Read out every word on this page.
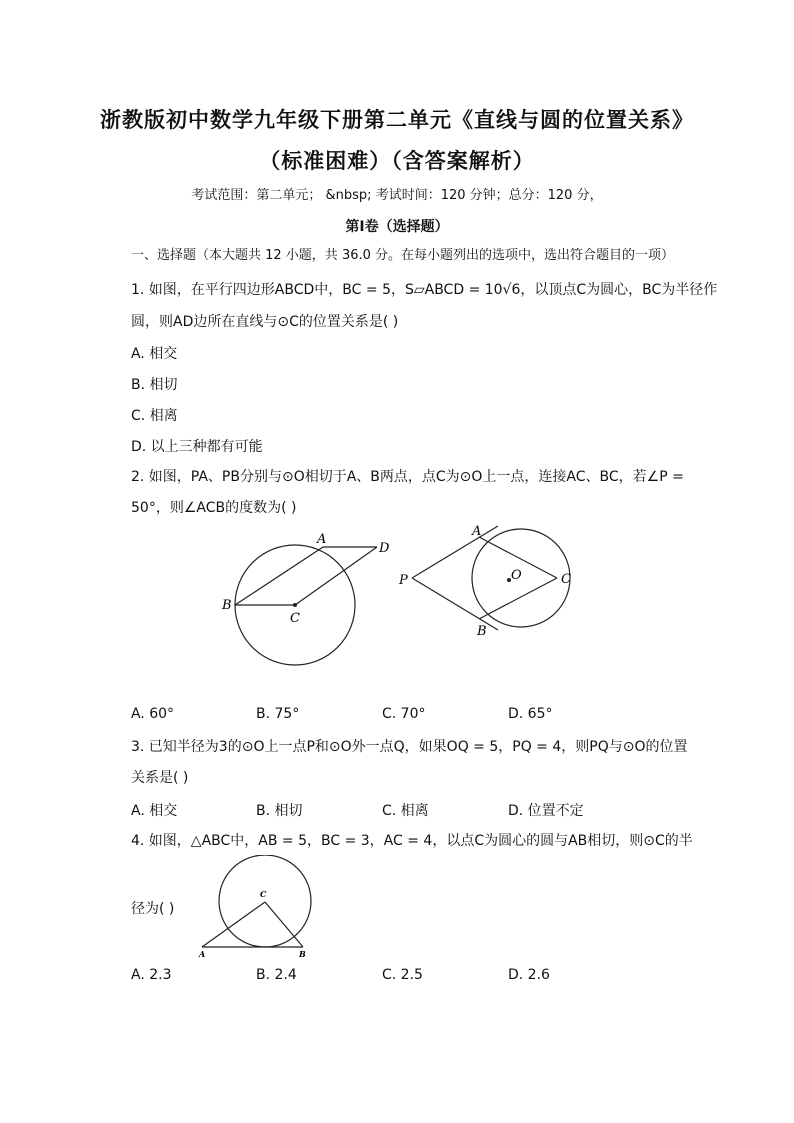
浙教版初中数学九年级下册第二单元《直线与圆的位置关系》
（标准困难）（含答案解析）
考试范围：第二单元； &nbsp; 考试时间：120 分钟；总分：120 分，
第Ⅰ卷（选择题）
一、选择题（本大题共 12 小题，共 36.0 分。在每小题列出的选项中，选出符合题目的一项）
1. 如图，在平行四边形ABCD中，BC = 5，S▱ABCD = 10√6，以顶点C为圆心，BC为半径作
圆，则AD边所在直线与⊙C的位置关系是( )
A. 相交
B. 相切
C. 相离
D. 以上三种都有可能
2. 如图，PA、PB分别与⊙O相切于A、B两点，点C为⊙O上一点，连接AC、BC，若∠P =
50°，则∠ACB的度数为( )
B
C
A
D
P
A
B
O	C
A. 60°	B. 75°	C. 70°	D. 65°
3. 已知半径为3的⊙O上一点P和⊙O外一点Q，如果OQ = 5，PQ = 4，则PQ与⊙O的位置
关系是( )
A. 相交	B. 相切	C. 相离	D. 位置不定
4. 如图，△ABC中，AB = 5，BC = 3，AC = 4，以点C为圆心的圆与AB相切，则⊙C的半
径为( )
C
A	B
A. 2.3	B. 2.4	C. 2.5	D. 2.6
